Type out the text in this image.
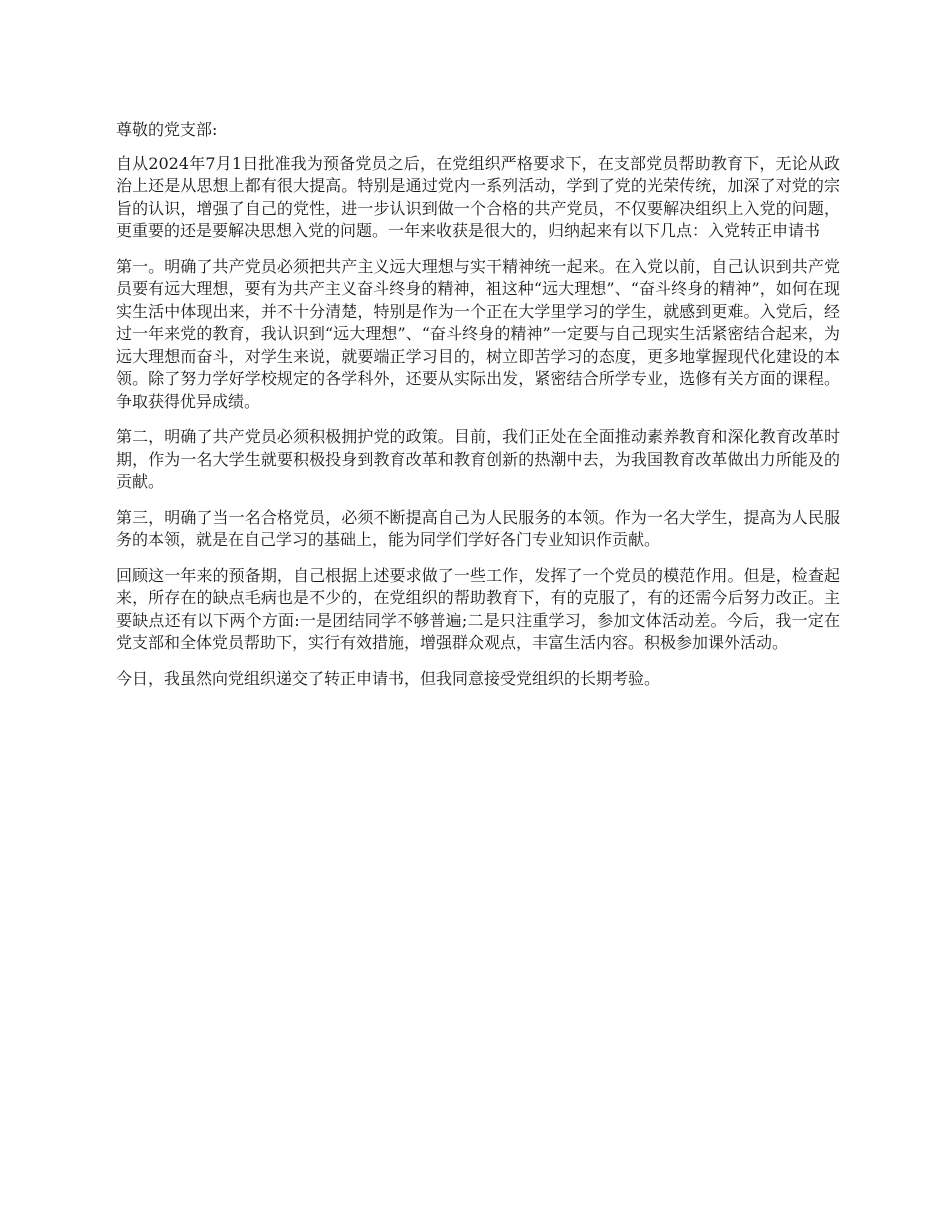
尊敬的党支部:

自从2024年7月1日批准我为预备党员之后，在党组织严格要求下，在支部党员帮助教育下，无论从政治上还是从思想上都有很大提高。特别是通过党内一系列活动，学到了党的光荣传统，加深了对党的宗旨的认识，增强了自己的党性，进一步认识到做一个合格的共产党员，不仅要解决组织上入党的问题，更重要的还是要解决思想入党的问题。一年来收获是很大的，归纳起来有以下几点：入党转正申请书

第一。明确了共产党员必须把共产主义远大理想与实干精神统一起来。在入党以前，自己认识到共产党员要有远大理想，要有为共产主义奋斗终身的精神，袓这种“远大理想”、“奋斗终身的精神”，如何在现实生活中体现出来，并不十分清楚，特别是作为一个正在大学里学习的学生，就感到更难。入党后，经过一年来党的教育，我认识到“远大理想”、“奋斗终身的精神”一定要与自己现实生活紧密结合起来，为远大理想而奋斗，对学生来说，就要端正学习目的，树立即苦学习的态度，更多地掌握现代化建设的本领。除了努力学好学校规定的各学科外，还要从实际出发，紧密结合所学专业，选修有关方面的课程。争取获得优异成绩。

第二，明确了共产党员必须积极拥护党的政策。目前，我们正处在全面推动素养教育和深化教育改革时期，作为一名大学生就要积极投身到教育改革和教育创新的热潮中去，为我国教育改革做出力所能及的贡献。

第三，明确了当一名合格党员，必须不断提高自己为人民服务的本领。作为一名大学生，提高为人民服务的本领，就是在自己学习的基础上，能为同学们学好各门专业知识作贡献。

回顾这一年来的预备期，自己根据上述要求做了一些工作，发挥了一个党员的模范作用。但是，检查起来，所存在的缺点毛病也是不少的，在党组织的帮助教育下，有的克服了，有的还需今后努力改正。主要缺点还有以下两个方面:一是团结同学不够普遍;二是只注重学习，参加文体活动差。今后，我一定在党支部和全体党员帮助下，实行有效措施，增强群众观点，丰富生活内容。积极参加课外活动。

今日，我虽然向党组织递交了转正申请书，但我同意接受党组织的长期考验。
